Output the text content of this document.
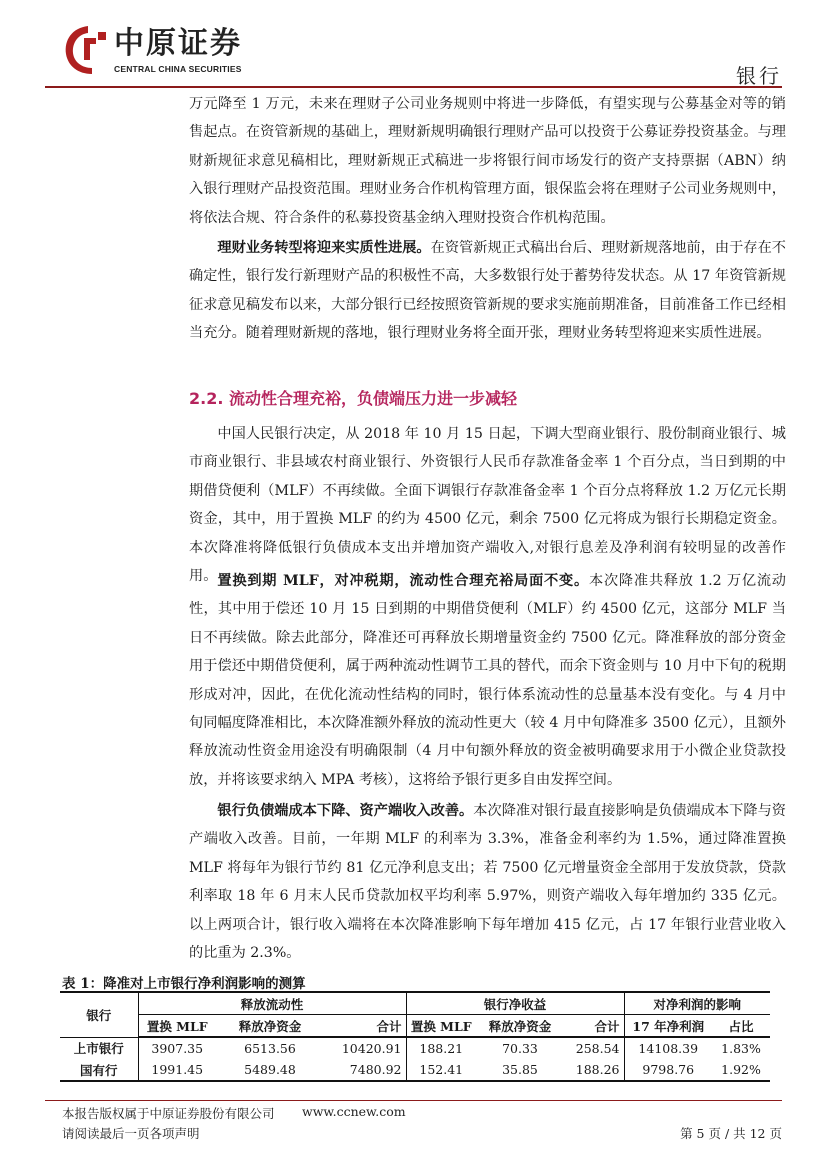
中原证券
CENTRAL CHINA SECURITIES	银行

万元降至 1 万元，未来在理财子公司业务规则中将进一步降低，有望实现与公募基金对等的销售起点。在资管新规的基础上，理财新规明确银行理财产品可以投资于公募证券投资基金。与理财新规征求意见稿相比，理财新规正式稿进一步将银行间市场发行的资产支持票据（ABN）纳入银行理财产品投资范围。理财业务合作机构管理方面，银保监会将在理财子公司业务规则中，将依法合规、符合条件的私募投资基金纳入理财投资合作机构范围。

理财业务转型将迎来实质性进展。在资管新规正式稿出台后、理财新规落地前，由于存在不确定性，银行发行新理财产品的积极性不高，大多数银行处于蓄势待发状态。从 17 年资管新规征求意见稿发布以来，大部分银行已经按照资管新规的要求实施前期准备，目前准备工作已经相当充分。随着理财新规的落地，银行理财业务将全面开张，理财业务转型将迎来实质性进展。

2.2. 流动性合理充裕，负债端压力进一步减轻

中国人民银行决定，从 2018 年 10 月 15 日起，下调大型商业银行、股份制商业银行、城市商业银行、非县域农村商业银行、外资银行人民币存款准备金率 1 个百分点，当日到期的中期借贷便利（MLF）不再续做。全面下调银行存款准备金率 1 个百分点将释放 1.2 万亿元长期资金，其中，用于置换 MLF 的约为 4500 亿元，剩余 7500 亿元将成为银行长期稳定资金。本次降准将降低银行负债成本支出并增加资产端收入,对银行息差及净利润有较明显的改善作用。 置换到期 MLF，对冲税期，流动性合理充裕局面不变。本次降准共释放 1.2 万亿流动性，其中用于偿还 10 月 15 日到期的中期借贷便利（MLF）约 4500 亿元，这部分 MLF 当日不再续做。除去此部分，降准还可再释放长期增量资金约 7500 亿元。降准释放的部分资金用于偿还中期借贷便利，属于两种流动性调节工具的替代，而余下资金则与 10 月中下旬的税期形成对冲，因此，在优化流动性结构的同时，银行体系流动性的总量基本没有变化。与 4 月中旬同幅度降准相比，本次降准额外释放的流动性更大（较 4 月中旬降准多 3500 亿元），且额外释放流动性资金用途没有明确限制（4 月中旬额外释放的资金被明确要求用于小微企业贷款投放，并将该要求纳入 MPA 考核），这将给予银行更多自由发挥空间。

银行负债端成本下降、资产端收入改善。本次降准对银行最直接影响是负债端成本下降与资产端收入改善。目前，一年期 MLF 的利率为 3.3%，准备金利率约为 1.5%，通过降准置换 MLF 将每年为银行节约 81 亿元净利息支出；若 7500 亿元增量资金全部用于发放贷款，贷款利率取 18 年 6 月末人民币贷款加权平均利率 5.97%，则资产端收入每年增加约 335 亿元。以上两项合计，银行收入端将在本次降准影响下每年增加 415 亿元，占 17 年银行业营业收入的比重为 2.3%。

表 1：降准对上市银行净利润影响的测算
银行	释放流动性			银行净收益			对净利润的影响	
	置换 MLF	释放净资金	合计	置换 MLF	释放净资金	合计	17 年净利润	占比
上市银行	3907.35	6513.56	10420.91	188.21	70.33	258.54	14108.39	1.83%
国有行	1991.45	5489.48	7480.92	152.41	35.85	188.26	9798.76	1.92%
本报告版权属于中原证券股份有限公司 www.ccnew.com
请阅读最后一页各项声明	第 5 页 / 共 12 页
